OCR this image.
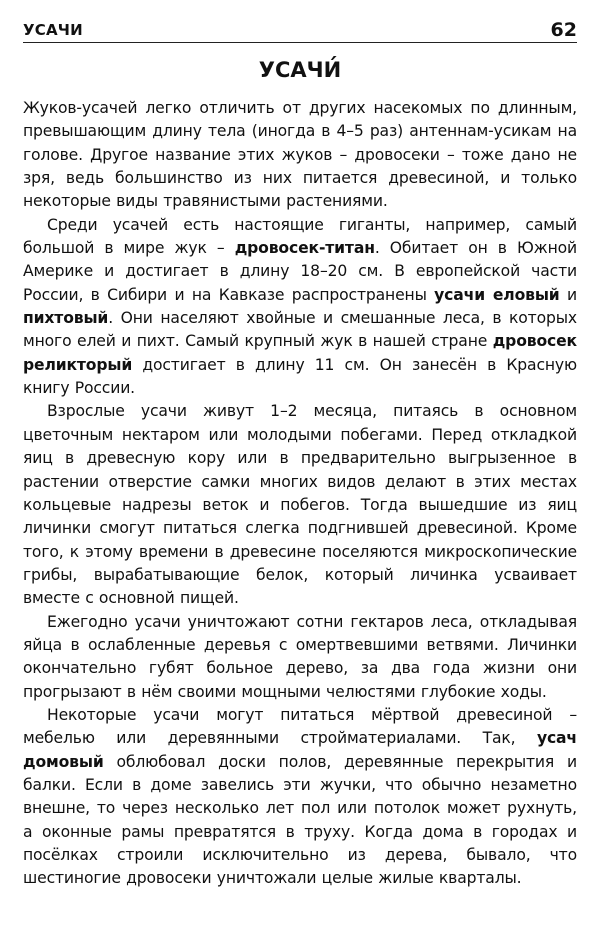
УСАЧИ	62
УСАЧИ́

Жуков-усачей легко отличить от других насекомых по длинным, превышающим длину тела (иногда в 4–5 раз) антеннам-усикам на голове. Другое название этих жуков – дровосеки – тоже дано не зря, ведь большинство из них питается древесиной, и только некоторые виды травянистыми растениями.

Среди усачей есть настоящие гиганты, например, самый большой в мире жук – дровосек-титан. Обитает он в Южной Америке и достигает в длину 18–20 см. В европейской части России, в Сибири и на Кавказе распространены усачи еловый и пихтовый. Они населяют хвойные и смешанные леса, в которых много елей и пихт. Самый крупный жук в нашей стране дровосек реликторый достигает в длину 11 см. Он занесён в Красную книгу России.

Взрослые усачи живут 1–2 месяца, питаясь в основном цветочным нектаром или молодыми побегами. Перед откладкой яиц в древесную кору или в предварительно выгрызенное в растении отверстие самки многих видов делают в этих местах кольцевые надрезы веток и побегов. Тогда вышедшие из яиц личинки смогут питаться слегка подгнившей древесиной. Кроме того, к этому времени в древесине поселяются микроскопические грибы, вырабатывающие белок, который личинка усваивает вместе с основной пищей.

Ежегодно усачи уничтожают сотни гектаров леса, откладывая яйца в ослабленные деревья с омертвевшими ветвями. Личинки окончательно губят больное дерево, за два года жизни они прогрызают в нём своими мощными челюстями глубокие ходы.

Некоторые усачи могут питаться мёртвой древесиной – мебелью или деревянными стройматериалами. Так, усач домовый облюбовал доски полов, деревянные перекрытия и балки. Если в доме завелись эти жучки, что обычно незаметно внешне, то через несколько лет пол или потолок может рухнуть, а оконные рамы превратятся в труху. Когда дома в городах и посёлках строили исключительно из дерева, бывало, что шестиногие дровосеки уничтожали целые жилые кварталы.
